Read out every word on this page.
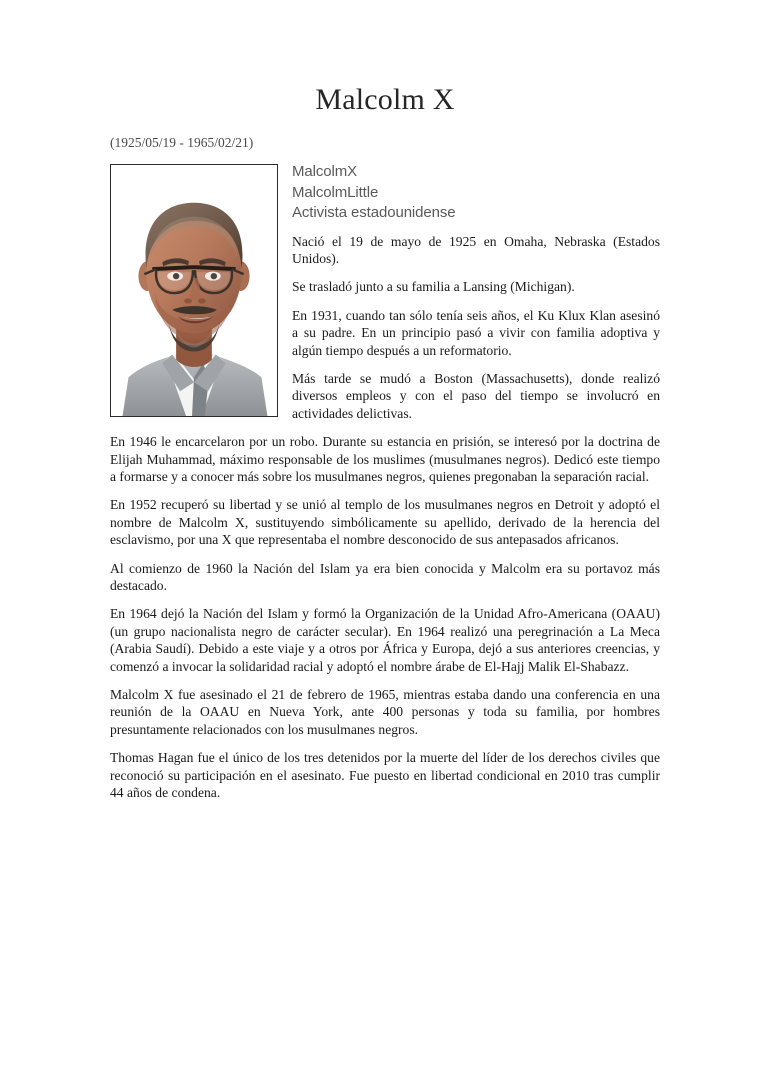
Malcolm X
(1925/05/19 - 1965/02/21)
MalcolmX
MalcolmLittle
Activista estadounidense

Nació el 19 de mayo de 1925 en Omaha, Nebraska (Estados Unidos).

Se trasladó junto a su familia a Lansing (Michigan).

En 1931, cuando tan sólo tenía seis años, el Ku Klux Klan asesinó a su padre. En un principio pasó a vivir con familia adoptiva y algún tiempo después a un reformatorio.

Más tarde se mudó a Boston (Massachusetts), donde realizó diversos empleos y con el paso del tiempo se involucró en actividades delictivas.

En 1946 le encarcelaron por un robo. Durante su estancia en prisión, se interesó por la doctrina de Elijah Muhammad, máximo responsable de los muslimes (musulmanes negros). Dedicó este tiempo a formarse y a conocer más sobre los musulmanes negros, quienes pregonaban la separación racial.

En 1952 recuperó su libertad y se unió al templo de los musulmanes negros en Detroit y adoptó el nombre de Malcolm X, sustituyendo simbólicamente su apellido, derivado de la herencia del esclavismo, por una X que representaba el nombre desconocido de sus antepasados africanos.

Al comienzo de 1960 la Nación del Islam ya era bien conocida y Malcolm era su portavoz más destacado.

En 1964 dejó la Nación del Islam y formó la Organización de la Unidad Afro-Americana (OAAU) (un grupo nacionalista negro de carácter secular). En 1964 realizó una peregrinación a La Meca (Arabia Saudí). Debido a este viaje y a otros por África y Europa, dejó a sus anteriores creencias, y comenzó a invocar la solidaridad racial y adoptó el nombre árabe de El-Hajj Malik El-Shabazz.

Malcolm X fue asesinado el 21 de febrero de 1965, mientras estaba dando una conferencia en una reunión de la OAAU en Nueva York, ante 400 personas y toda su familia, por hombres presuntamente relacionados con los musulmanes negros.

Thomas Hagan fue el único de los tres detenidos por la muerte del líder de los derechos civiles que reconoció su participación en el asesinato. Fue puesto en libertad condicional en 2010 tras cumplir 44 años de condena.
